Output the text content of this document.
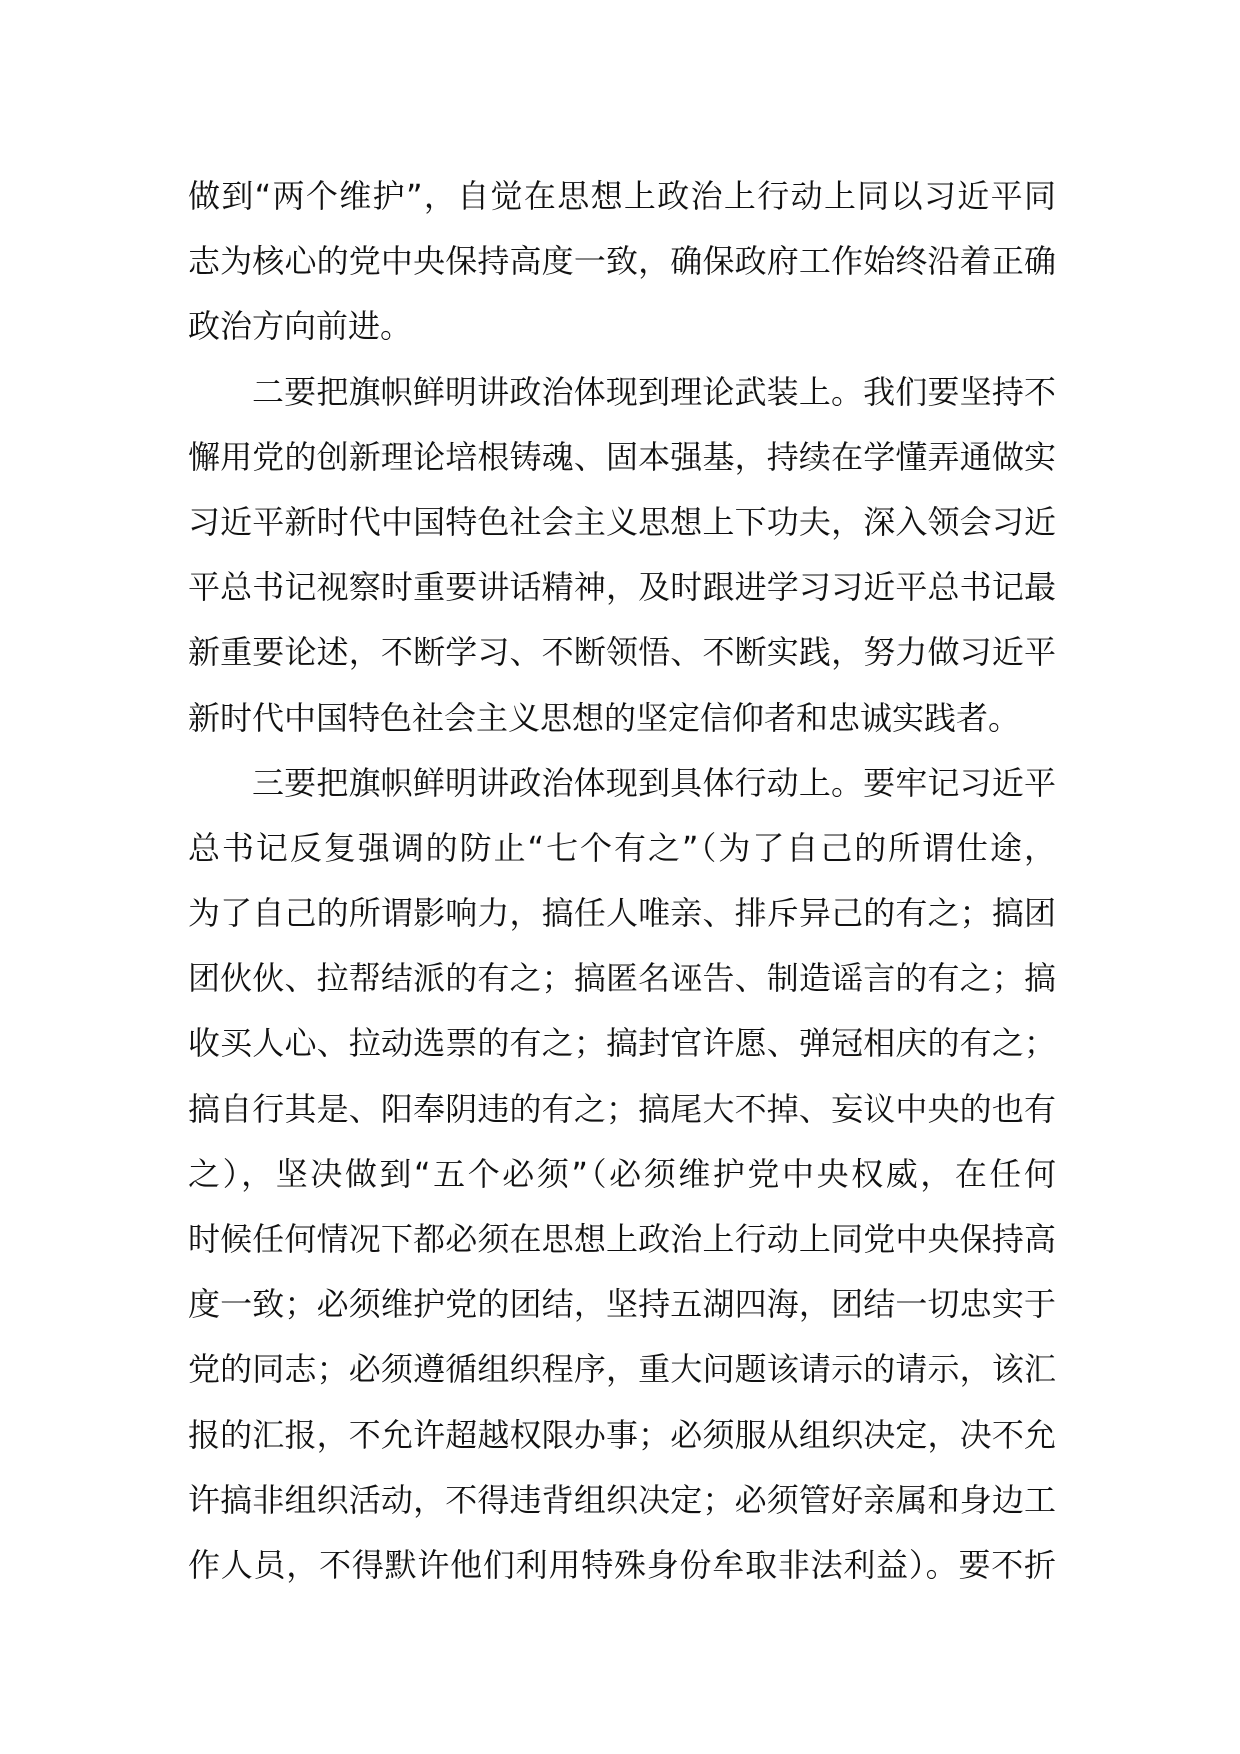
做到“两个维护”，自觉在思想上政治上行动上同以习近平同
志为核心的党中央保持高度一致，确保政府工作始终沿着正确
政治方向前进。
二要把旗帜鲜明讲政治体现到理论武装上。我们要坚持不
懈用党的创新理论培根铸魂、固本强基，持续在学懂弄通做实
习近平新时代中国特色社会主义思想上下功夫，深入领会习近
平总书记视察时重要讲话精神，及时跟进学习习近平总书记最
新重要论述，不断学习、不断领悟、不断实践，努力做习近平
新时代中国特色社会主义思想的坚定信仰者和忠诚实践者。
三要把旗帜鲜明讲政治体现到具体行动上。要牢记习近平
总书记反复强调的防止“七个有之”（为了自己的所谓仕途，
为了自己的所谓影响力，搞任人唯亲、排斥异己的有之；搞团
团伙伙、拉帮结派的有之；搞匿名诬告、制造谣言的有之；搞
收买人心、拉动选票的有之；搞封官许愿、弹冠相庆的有之；
搞自行其是、阳奉阴违的有之；搞尾大不掉、妄议中央的也有
之），坚决做到“五个必须”（必须维护党中央权威，在任何
时候任何情况下都必须在思想上政治上行动上同党中央保持高
度一致；必须维护党的团结，坚持五湖四海，团结一切忠实于
党的同志；必须遵循组织程序，重大问题该请示的请示，该汇
报的汇报，不允许超越权限办事；必须服从组织决定，决不允
许搞非组织活动，不得违背组织决定；必须管好亲属和身边工
作人员，不得默许他们利用特殊身份牟取非法利益）。要不折
